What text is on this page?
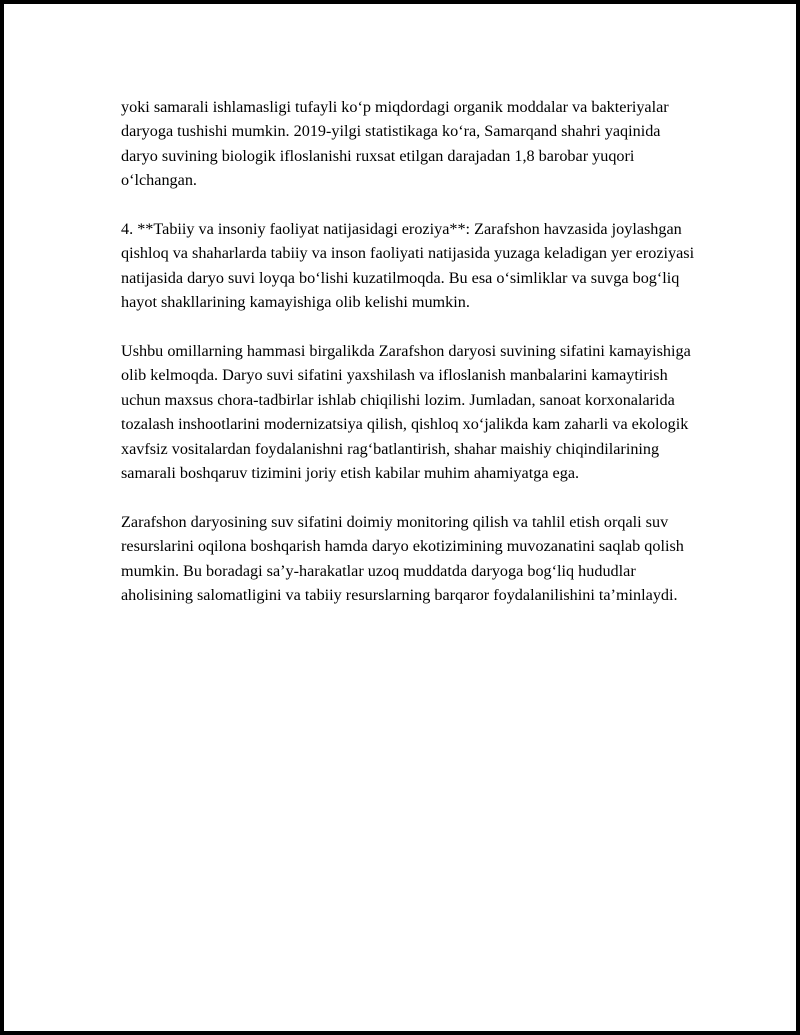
yoki samarali ishlamasligi tufayli ko‘p miqdordagi organik moddalar va bakteriyalar daryoga tushishi mumkin. 2019-yilgi statistikaga ko‘ra, Samarqand shahri yaqinida daryo suvining biologik ifloslanishi ruxsat etilgan darajadan 1,8 barobar yuqori o‘lchangan.

4. **Tabiiy va insoniy faoliyat natijasidagi eroziya**: Zarafshon havzasida joylashgan qishloq va shaharlarda tabiiy va inson faoliyati natijasida yuzaga keladigan yer eroziyasi natijasida daryo suvi loyqa bo‘lishi kuzatilmoqda. Bu esa o‘simliklar va suvga bog‘liq hayot shakllarining kamayishiga olib kelishi mumkin.

Ushbu omillarning hammasi birgalikda Zarafshon daryosi suvining sifatini kamayishiga olib kelmoqda. Daryo suvi sifatini yaxshilash va ifloslanish manbalarini kamaytirish uchun maxsus chora-tadbirlar ishlab chiqilishi lozim. Jumladan, sanoat korxonalarida tozalash inshootlarini modernizatsiya qilish, qishloq xo‘jalikda kam zaharli va ekologik xavfsiz vositalardan foydalanishni rag‘batlantirish, shahar maishiy chiqindilarining samarali boshqaruv tizimini joriy etish kabilar muhim ahamiyatga ega.

Zarafshon daryosining suv sifatini doimiy monitoring qilish va tahlil etish orqali suv resurslarini oqilona boshqarish hamda daryo ekotizimining muvozanatini saqlab qolish mumkin. Bu boradagi sa’y-harakatlar uzoq muddatda daryoga bog‘liq hududlar aholisining salomatligini va tabiiy resurslarning barqaror foydalanilishini ta’minlaydi.
